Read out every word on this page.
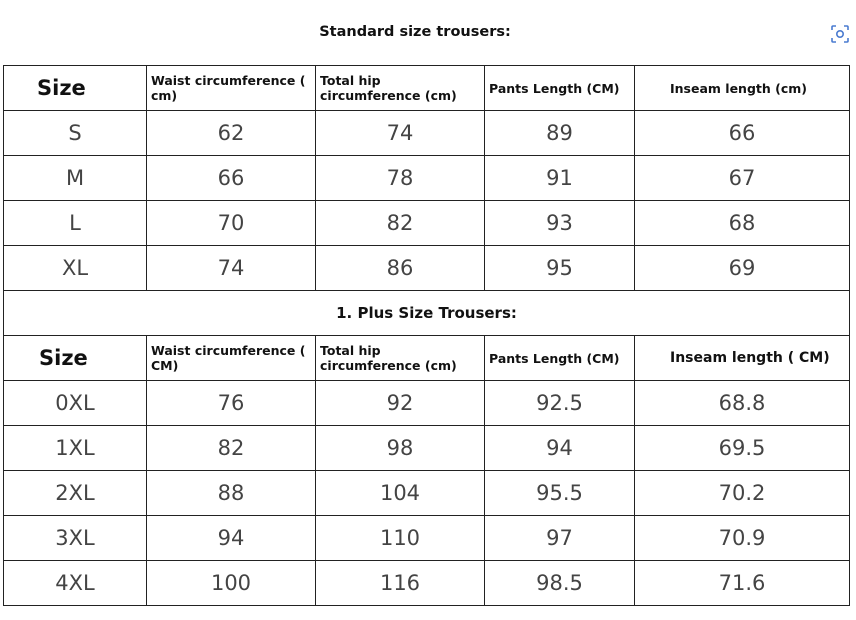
Standard size trousers:
Size	Waist circumference ( cm)	Total hip circumference (cm)	Pants Length (CM)	Inseam length (cm)
S	62	74	89	66
M	66	78	91	67
L	70	82	93	68
XL	74	86	95	69
1. Plus Size Trousers:				
Size	Waist circumference ( CM)	Total hip circumference (cm)	Pants Length (CM)	Inseam length ( CM)
0XL	76	92	92.5	68.8
1XL	82	98	94	69.5
2XL	88	104	95.5	70.2
3XL	94	110	97	70.9
4XL	100	116	98.5	71.6
